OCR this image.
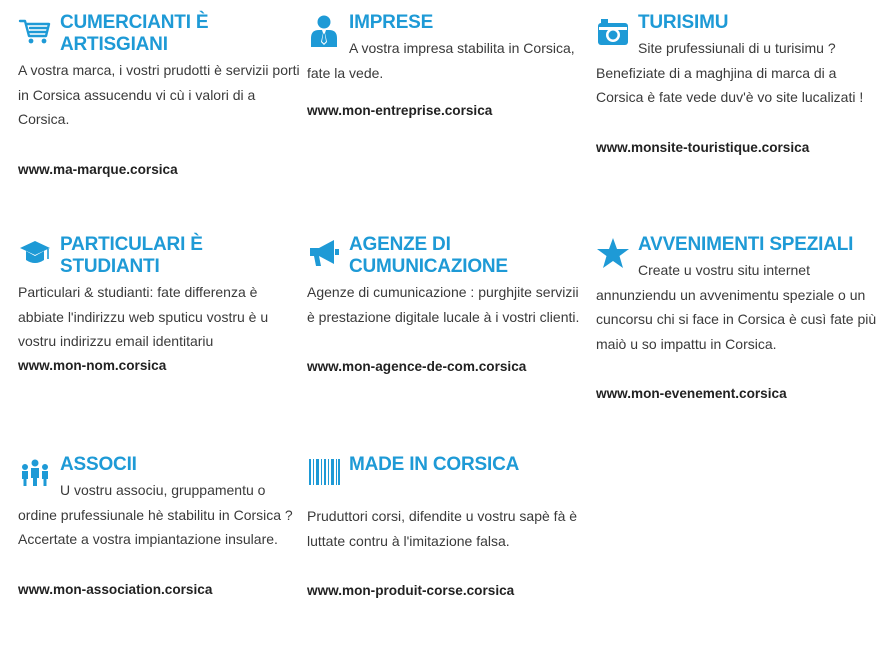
CUMERCIANTI È ARTISGIANI

A vostra marca, i vostri prudotti è servizii porti in Corsica assucendu vi cù i valori di a Corsica.

www.ma-marque.corsica

IMPRESE

A vostra impresa stabilita in Corsica, fate la vede.

www.mon-entreprise.corsica

TURISIMU

Site prufessiunali di u turisimu ? Benefiziate di a maghjina di marca di a Corsica è fate vede duv'è vo site lucalizati !

www.monsite-touristique.corsica

PARTICULARI È STUDIANTI

Particulari & studianti: fate differenza è abbiate l'indirizzu web sputicu vostru è u vostru indirizzu email identitariu

www.mon-nom.corsica

AGENZE DI CUMUNICAZIONE

Agenze di cumunicazione : purghjite servizii è prestazione digitale lucale à i vostri clienti.

www.mon-agence-de-com.corsica

AVVENIMENTI SPEZIALI

Create u vostru situ internet annunziendu un avvenimentu speziale o un cuncorsu chi si face in Corsica è cusì fate più maiò u so impattu in Corsica.

www.mon-evenement.corsica

ASSOCII

U vostru associu, gruppamentu o ordine prufessiunale hè stabilitu in Corsica ? Accertate a vostra impiantazione insulare.

www.mon-association.corsica

MADE IN CORSICA

Pruduttori corsi, difendite u vostru sapè fà è luttate contru à l'imitazione falsa.

www.mon-produit-corse.corsica
